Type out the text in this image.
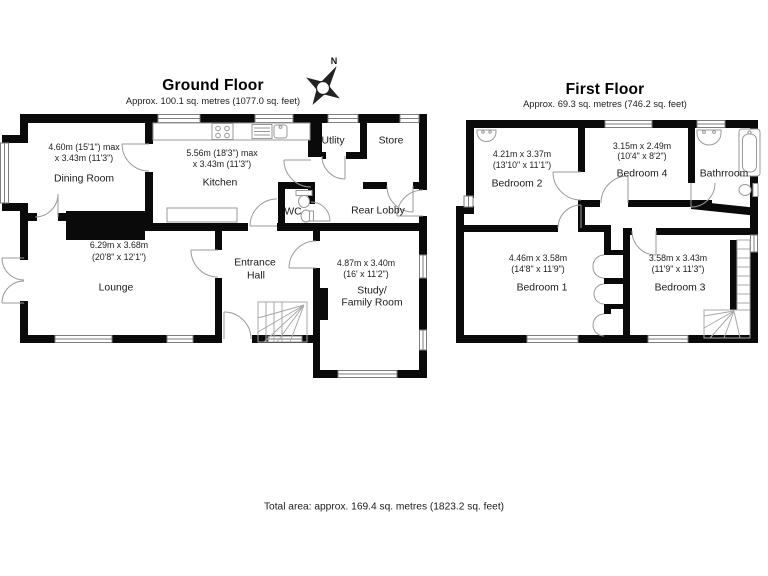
Ground Floor
Approx. 100.1 sq. metres (1077.0 sq. feet)
N
4.60m (15'1") max
x 3.43m (11'3")
Dining Room
5.56m (18'3") max
x 3.43m (11'3")
Kitchen
Utlity	Store
WC	Rear Lobby
6.29m x 3.68m
(20'8" x 12'1")
Lounge
Entrance
Hall
4.87m x 3.40m
(16' x 11'2")
Study/
Family Room
First Floor
Approx. 69.3 sq. metres (746.2 sq. feet)
4.21m x 3.37m
(13'10" x 11'1")
Bedroom 2
3.15m x 2.49m
(10'4" x 8'2")
Bedroom 4	Bathrroom
4.46m x 3.58m
(14'8" x 11'9")
Bedroom 1
3.58m x 3.43m
(11'9" x 11'3")
Bedroom 3
Total area: approx. 169.4 sq. metres (1823.2 sq. feet)
